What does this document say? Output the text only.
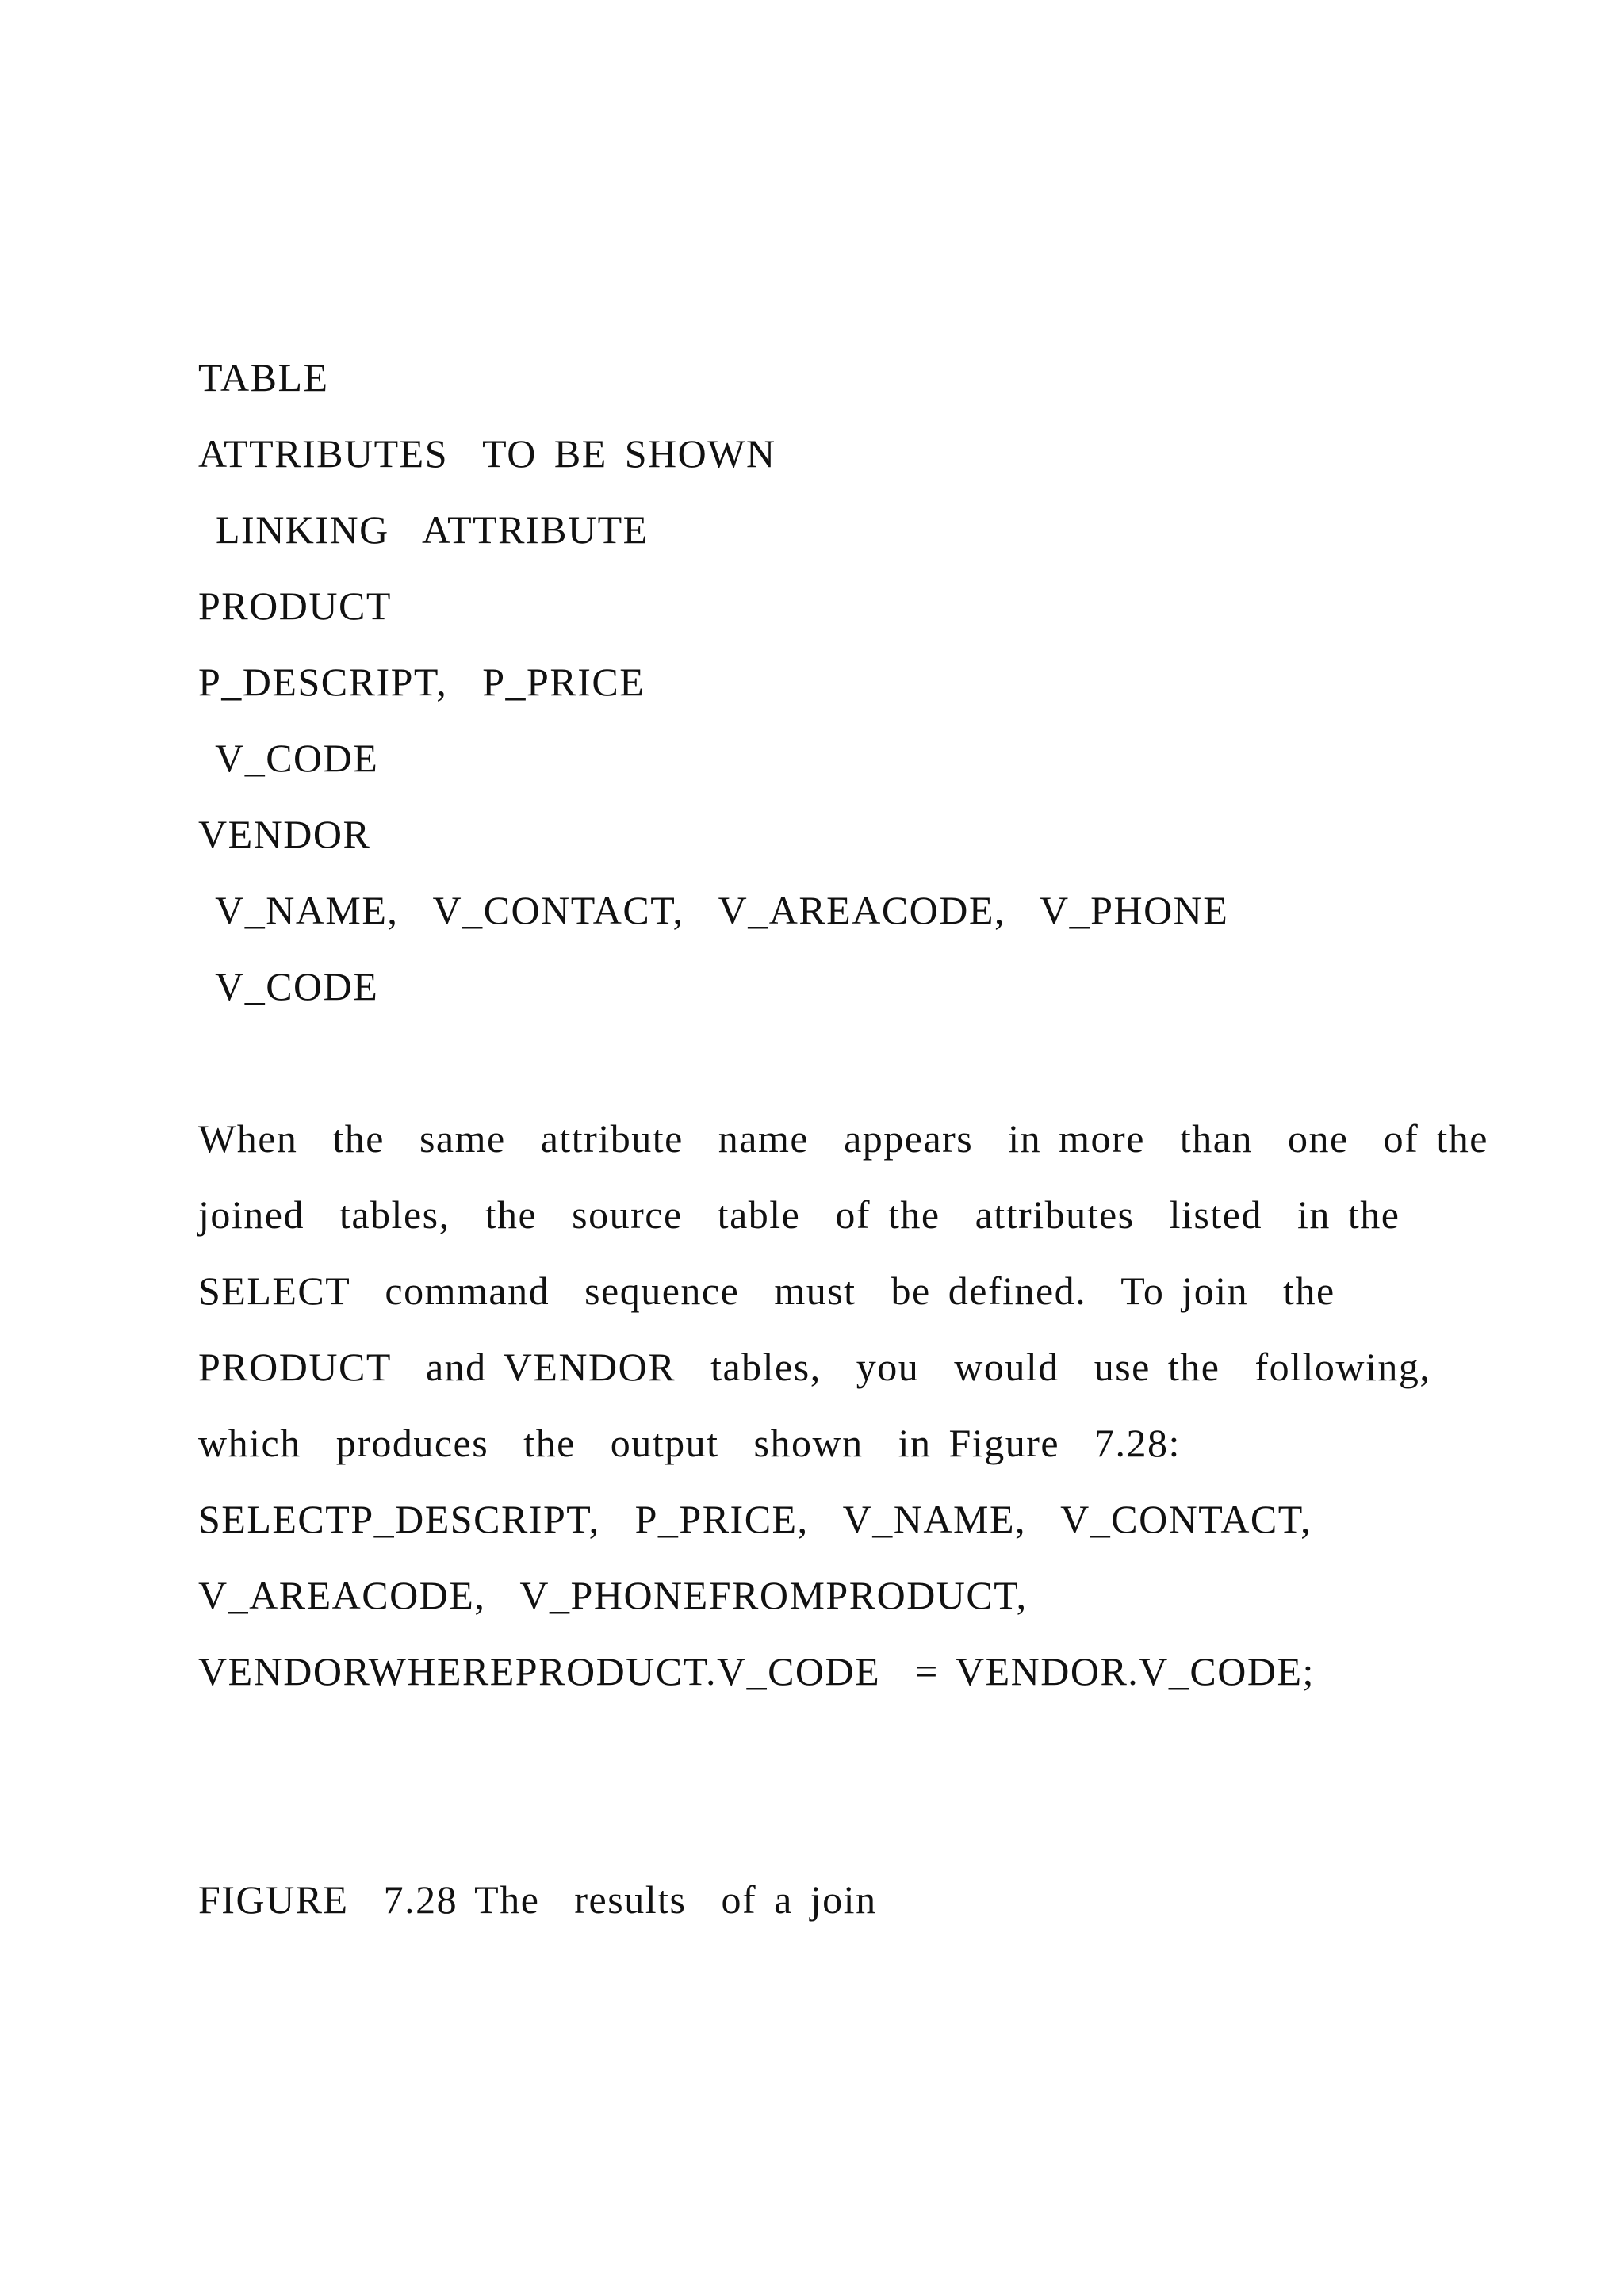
TABLE

ATTRIBUTES  TO BE SHOWN

LINKING  ATTRIBUTE

PRODUCT

P_DESCRIPT,  P_PRICE

V_CODE

VENDOR

V_NAME,  V_CONTACT,  V_AREACODE,  V_PHONE

V_CODE

When  the  same  attribute  name  appears  in more  than  one  of the

joined  tables,  the  source  table  of the  attributes  listed  in the

SELECT  command  sequence  must  be defined.  To join  the

PRODUCT  and VENDOR  tables,  you  would  use the  following,

which  produces  the  output  shown  in Figure  7.28:

SELECTP_DESCRIPT,  P_PRICE,  V_NAME,  V_CONTACT,

V_AREACODE,  V_PHONEFROMPRODUCT,

VENDORWHEREPRODUCT.V_CODE  = VENDOR.V_CODE;

FIGURE  7.28 The  results  of a join
